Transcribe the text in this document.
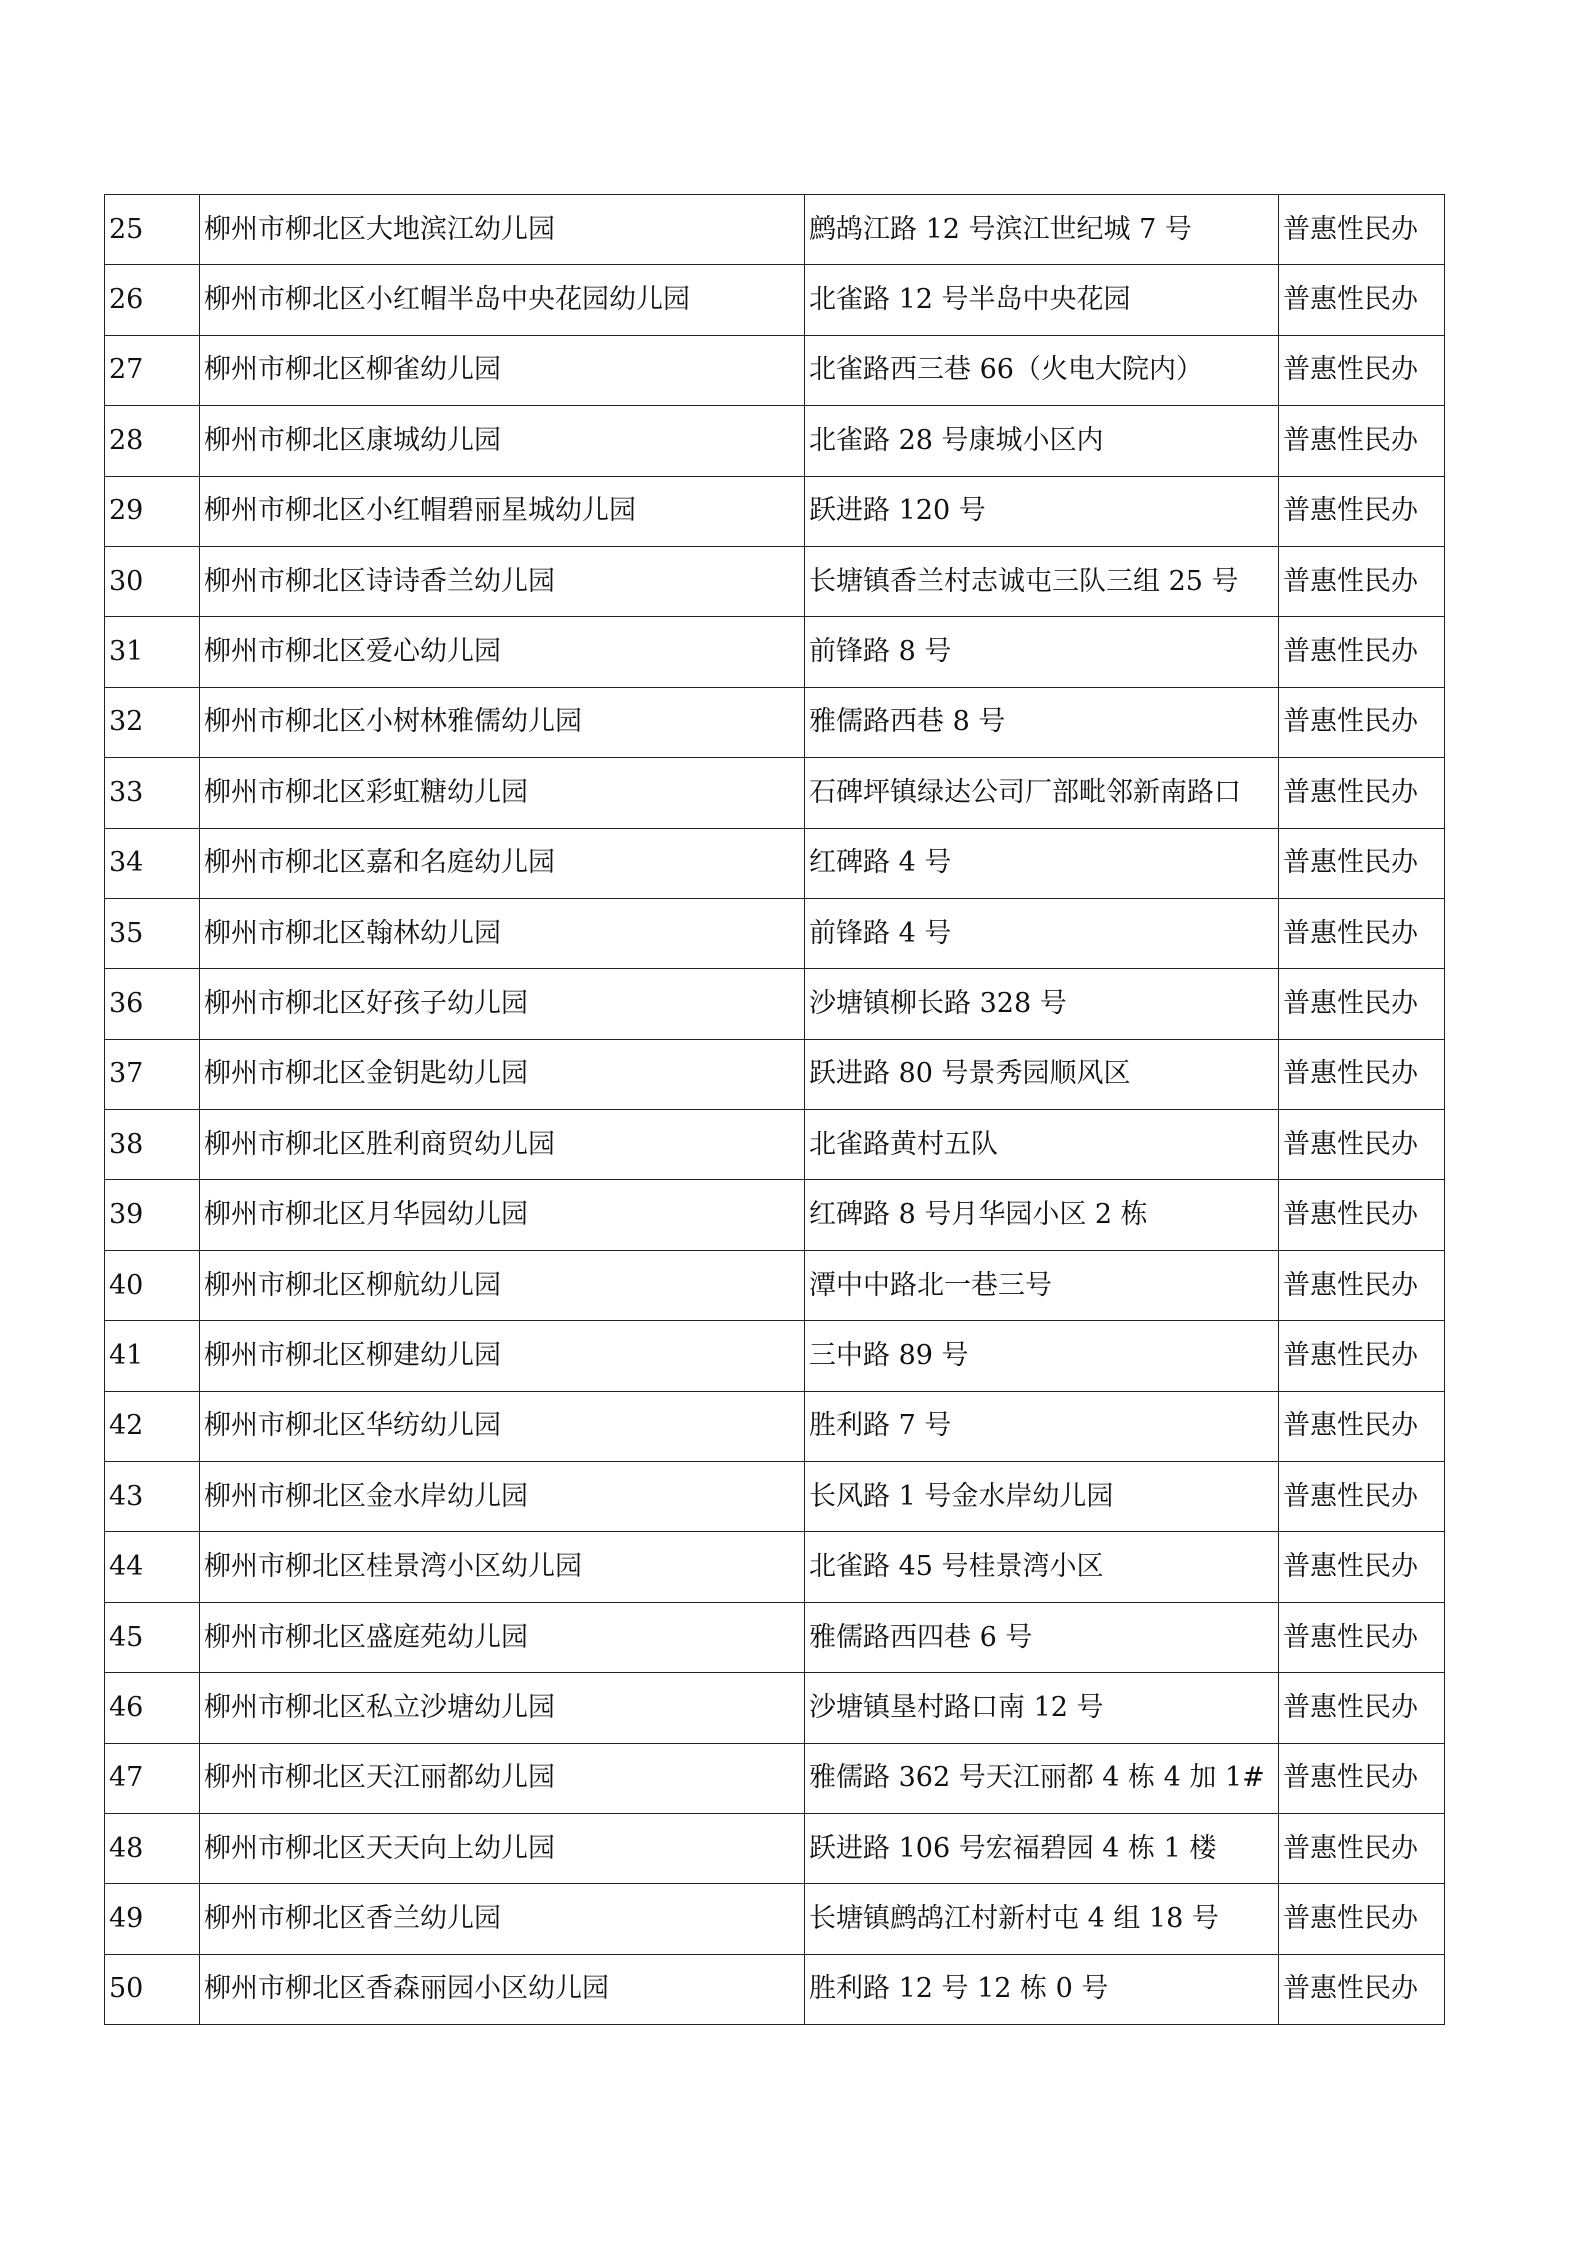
25	柳州市柳北区大地滨江幼儿园	鹧鸪江路 12 号滨江世纪城 7 号	普惠性民办
26	柳州市柳北区小红帽半岛中央花园幼儿园	北雀路 12 号半岛中央花园	普惠性民办
27	柳州市柳北区柳雀幼儿园	北雀路西三巷 66（火电大院内）	普惠性民办
28	柳州市柳北区康城幼儿园	北雀路 28 号康城小区内	普惠性民办
29	柳州市柳北区小红帽碧丽星城幼儿园	跃进路 120 号	普惠性民办
30	柳州市柳北区诗诗香兰幼儿园	长塘镇香兰村志诚屯三队三组 25 号	普惠性民办
31	柳州市柳北区爱心幼儿园	前锋路 8 号	普惠性民办
32	柳州市柳北区小树林雅儒幼儿园	雅儒路西巷 8 号	普惠性民办
33	柳州市柳北区彩虹糖幼儿园	石碑坪镇绿达公司厂部毗邻新南路口	普惠性民办
34	柳州市柳北区嘉和名庭幼儿园	红碑路 4 号	普惠性民办
35	柳州市柳北区翰林幼儿园	前锋路 4 号	普惠性民办
36	柳州市柳北区好孩子幼儿园	沙塘镇柳长路 328 号	普惠性民办
37	柳州市柳北区金钥匙幼儿园	跃进路 80 号景秀园顺风区	普惠性民办
38	柳州市柳北区胜利商贸幼儿园	北雀路黄村五队	普惠性民办
39	柳州市柳北区月华园幼儿园	红碑路 8 号月华园小区 2 栋	普惠性民办
40	柳州市柳北区柳航幼儿园	潭中中路北一巷三号	普惠性民办
41	柳州市柳北区柳建幼儿园	三中路 89 号	普惠性民办
42	柳州市柳北区华纺幼儿园	胜利路 7 号	普惠性民办
43	柳州市柳北区金水岸幼儿园	长风路 1 号金水岸幼儿园	普惠性民办
44	柳州市柳北区桂景湾小区幼儿园	北雀路 45 号桂景湾小区	普惠性民办
45	柳州市柳北区盛庭苑幼儿园	雅儒路西四巷 6 号	普惠性民办
46	柳州市柳北区私立沙塘幼儿园	沙塘镇垦村路口南 12 号	普惠性民办
47	柳州市柳北区天江丽都幼儿园	雅儒路 362 号天江丽都 4 栋 4 加 1#	普惠性民办
48	柳州市柳北区天天向上幼儿园	跃进路 106 号宏福碧园 4 栋 1 楼	普惠性民办
49	柳州市柳北区香兰幼儿园	长塘镇鹧鸪江村新村屯 4 组 18 号	普惠性民办
50	柳州市柳北区香森丽园小区幼儿园	胜利路 12 号 12 栋 0 号	普惠性民办
